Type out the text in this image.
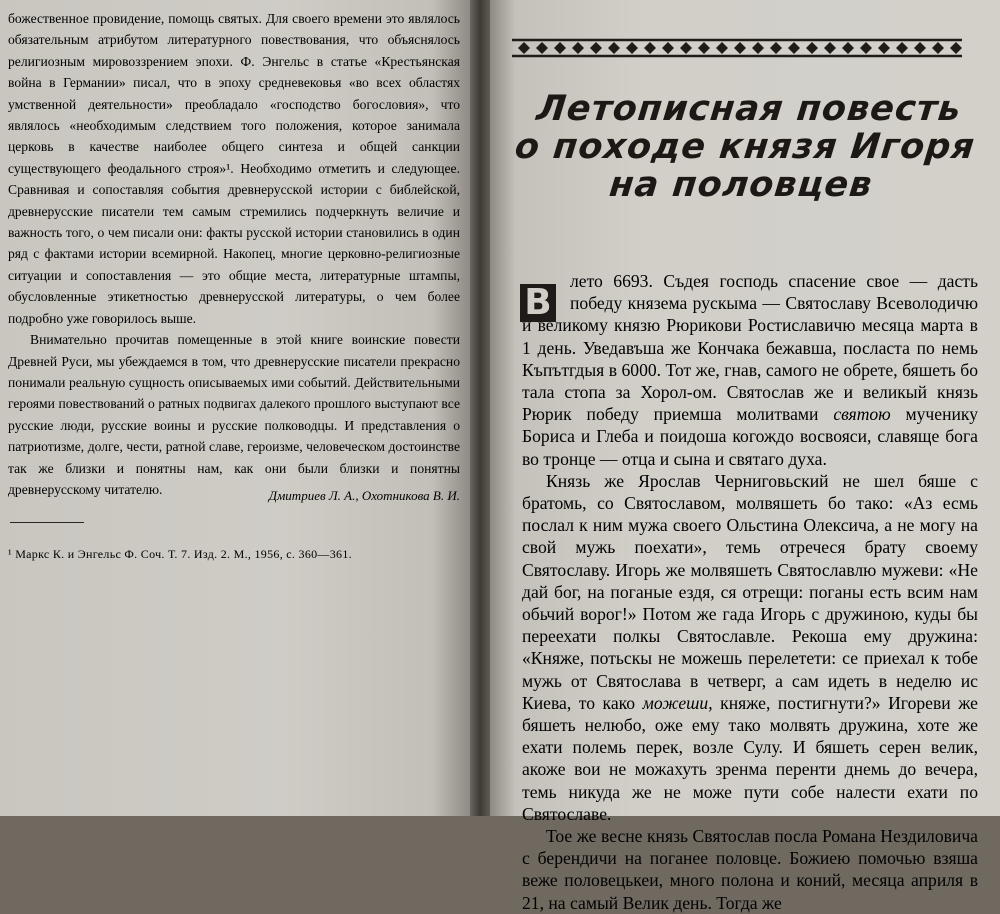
божественное провидение, помощь святых. Для своего времени это являлось обязательным атрибутом литературного повествования, что объяснялось религиозным мировоззрением эпохи. Ф. Энгельс в статье «Крестьянская война в Германии» писал, что в эпоху средневековья «во всех областях умственной деятельности» преобладало «господство богословия», что являлось «необходимым следствием того положения, которое занимала церковь в качестве наиболее общего синтеза и общей санкции существующего феодального строя»¹. Необходимо отметить и следующее. Сравнивая и сопоставляя события древнерусской истории с библейской, древнерусские писатели тем самым стремились подчеркнуть величие и важность того, о чем писали они: факты русской истории становились в один ряд с фактами истории всемирной. Накопец, многие церковно-религиозные ситуации и сопоставления — это общие места, литературные штампы, обусловленные этикетностью древнерусской литературы, о чем более подробно уже говорилось выше.

Внимательно прочитав помещенные в этой книге воинские повести Древней Руси, мы убеждаемся в том, что древнерусские писатели прекрасно понимали реальную сущность описываемых ими событий. Действительными героями повествований о ратных подвигах далекого прошлого выступают все русские люди, русские воины и русские полководцы. И представления о патриотизме, долге, чести, ратной славе, героизме, человеческом достоинстве так же близки и понятны нам, как они были близки и понятны древнерусскому читателю.	Дмитриев Л. А., Охотникова В. И.
¹ Маркс К. и Энгельс Ф. Соч. Т. 7. Изд. 2. М., 1956, с. 360—361.
Летописная повесть
о походе князя Игоря
на половцев
В

лето 6693. Съдея господь спасение свое — дасть победу князема рускыма — Святославу Всеволодичю и великому князю Рюрикови Ростиславичю месяца марта в 1 день. Уведавъша же Кончака бежавша, посласта по немь Къпътгдыя в 6000. Тот же, гнав, самого не обрете, бяшеть бо тала стопа за Хорол-ом. Святослав же и великый князь Рюрик победу приемша молитвами святою мученику Бориса и Глеба и поидоша когождо восвояси, славяще бога во тронце — отца и сына и святаго духа.

Князь же Ярослав Черниговьский не шел бяше с братомь, со Святославом, молвяшеть бо тако: «Аз есмь послал к ним мужа своего Ольстина Олексича, а не могу на свой мужь поехати», темь отречеся брату своему Святославу. Игорь же молвяшеть Святославлю мужеви: «Не дай бог, на поганые ездя, ся отрещи: поганы есть всим нам обьчий ворог!» Потом же гада Игорь с дружиною, куды бы переехати полкы Святославле. Рекоша ему дружина: «Княже, потьскы не можешь перелетети: се приехал к тобе мужь от Святослава в четверг, а сам идеть в неделю ис Киева, то како можеши, княже, постигнути?» Игореви же бяшеть нелюбо, оже ему тако молвять дружина, хоте же ехати полемь перек, возле Сулу. И бяшеть серен велик, акоже вои не можахуть зренма перенти днемь до вечера, темь никуда же не може пути собе налести ехати по Святославе.

Тое же весне князь Святослав посла Романа Нездиловича с берендичи на поганее половце. Божиею помочью взяша веже половецькеи, много полона и коний, месяца априля в 21, на самый Велик день. Тогда же
